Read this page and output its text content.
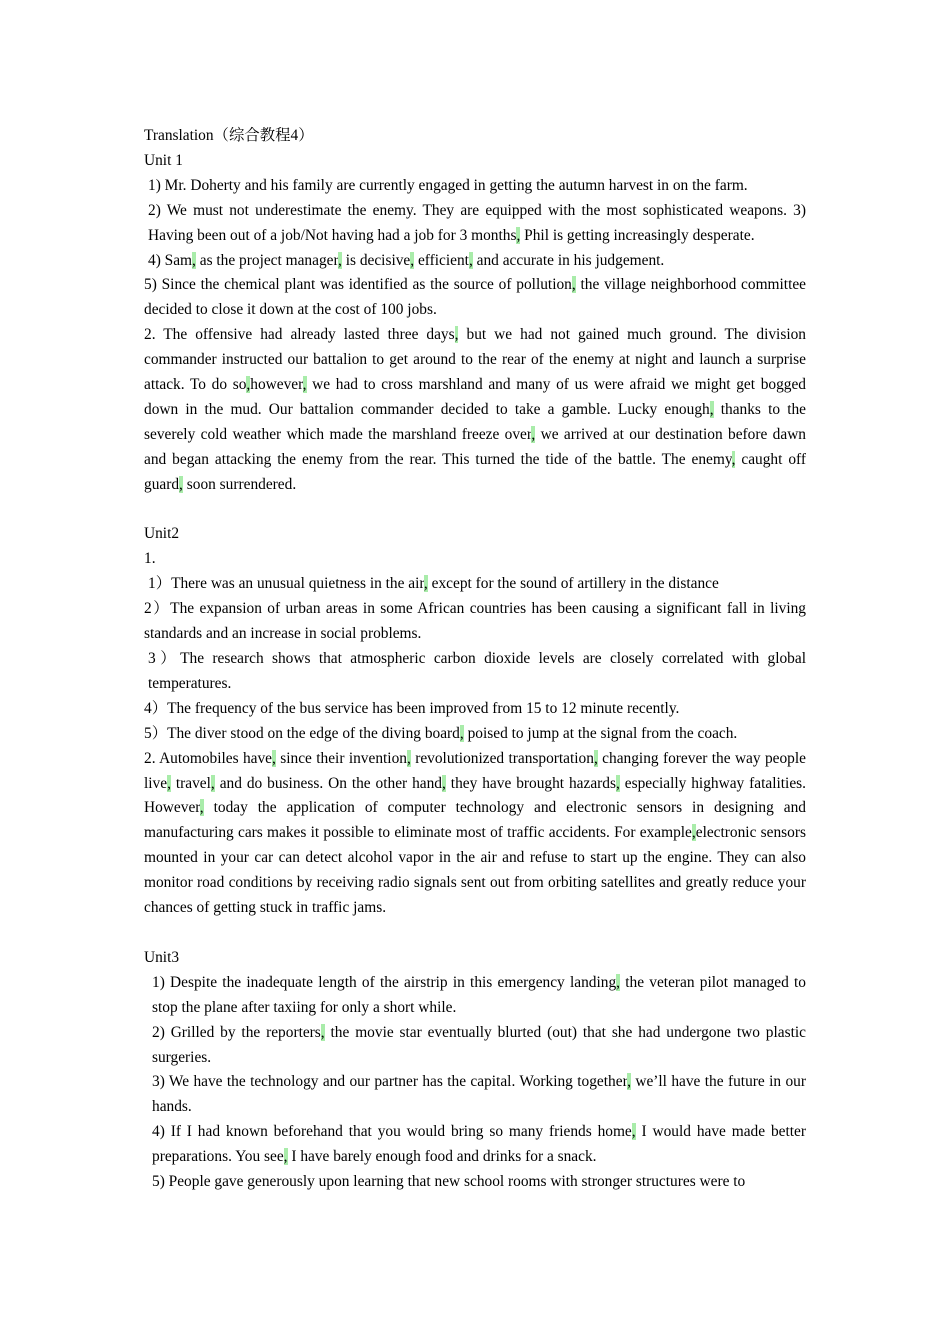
Translation（综合教程4）
Unit 1
1) Mr. Doherty and his family are currently engaged in getting the autumn harvest in on the farm.
2) We must not underestimate the enemy. They are equipped with the most sophisticated weapons. 3) Having been out of a job/Not having had a job for 3 months, Phil is getting increasingly desperate.
4) Sam, as the project manager, is decisive, efficient, and accurate in his judgement.
5) Since the chemical plant was identified as the source of pollution, the village neighborhood committee decided to close it down at the cost of 100 jobs.
2. The offensive had already lasted three days, but we had not gained much ground. The division commander instructed our battalion to get around to the rear of the enemy at night and launch a surprise attack. To do so,however, we had to cross marshland and many of us were afraid we might get bogged down in the mud. Our battalion commander decided to take a gamble. Lucky enough, thanks to the severely cold weather which made the marshland freeze over, we arrived at our destination before dawn and began attacking the enemy from the rear. This turned the tide of the battle. The enemy, caught off guard, soon surrendered.
Unit2
1.
1）There was an unusual quietness in the air, except for the sound of artillery in the distance
2）The expansion of urban areas in some African countries has been causing a significant fall in living standards and an increase in social problems.
3）The research shows that atmospheric carbon dioxide levels are closely correlated with global temperatures.
4）The frequency of the bus service has been improved from 15 to 12 minute recently.
5）The diver stood on the edge of the diving board, poised to jump at the signal from the coach.
2. Automobiles have, since their invention, revolutionized transportation, changing forever the way people live, travel, and do business. On the other hand, they have brought hazards, especially highway fatalities. However, today the application of computer technology and electronic sensors in designing and manufacturing cars makes it possible to eliminate most of traffic accidents. For example,electronic sensors mounted in your car can detect alcohol vapor in the air and refuse to start up the engine. They can also monitor road conditions by receiving radio signals sent out from orbiting satellites and greatly reduce your chances of getting stuck in traffic jams.
Unit3
1) Despite the inadequate length of the airstrip in this emergency landing, the veteran pilot managed to stop the plane after taxiing for only a short while.
2) Grilled by the reporters, the movie star eventually blurted (out) that she had undergone two plastic surgeries.
3) We have the technology and our partner has the capital. Working together, we’ll have the future in our hands.
4) If I had known beforehand that you would bring so many friends home, I would have made better preparations. You see, I have barely enough food and drinks for a snack.
5) People gave generously upon learning that new school rooms with stronger structures were to
